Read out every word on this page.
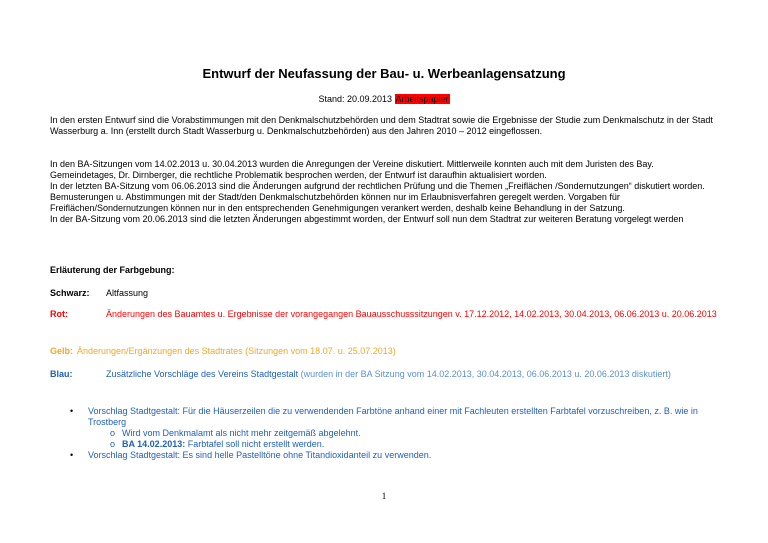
Entwurf der Neufassung der Bau- u. Werbeanlagensatzung
Stand: 20.09.2013 Arbeitspapier
In den ersten Entwurf sind die Vorabstimmungen mit den Denkmalschutzbehörden und dem Stadtrat sowie die Ergebnisse der Studie zum Denkmalschutz in der Stadt Wasserburg a. Inn (erstellt durch Stadt Wasserburg u. Denkmalschutzbehörden) aus den Jahren 2010 – 2012 eingeflossen.
In den BA-Sitzungen vom 14.02.2013 u. 30.04.2013 wurden die Anregungen der Vereine diskutiert. Mittlerweile konnten auch mit dem Juristen des Bay. Gemeindetages, Dr. Dirnberger, die rechtliche Problematik besprochen werden, der Entwurf ist daraufhin aktualisiert worden.
In der letzten BA-Sitzung vom 06.06.2013 sind die Änderungen aufgrund der rechtlichen Prüfung und die Themen „Freiflächen /Sondernutzungen“ diskutiert worden. Bemusterungen u. Abstimmungen mit der Stadt/den Denkmalschutzbehörden können nur im Erlaubnisverfahren geregelt werden. Vorgaben für Freiflächen/Sondernutzungen können nur in den entsprechenden Genehmigungen verankert werden, deshalb keine Behandlung in der Satzung.
In der BA-Sitzung vom 20.06.2013 sind die letzten Änderungen abgestimmt worden, der Entwurf soll nun dem Stadtrat zur weiteren Beratung vorgelegt werden
Erläuterung der Farbgebung:
Schwarz: Altfassung
Rot:	Änderungen des Bauamtes u. Ergebnisse der vorangegangen Bauausschusssitzungen v. 17.12.2012, 14.02.2013, 30.04.2013, 06.06.2013 u. 20.06.2013
Gelb: Änderungen/Ergänzungen des Stadtrates (Sitzungen vom 18.07. u. 25.07.2013)
Blau:	Zusätzliche Vorschläge des Vereins Stadtgestalt (wurden in der BA Sitzung vom 14.02.2013, 30.04.2013, 06.06.2013 u. 20.06.2013 diskutiert)
• Vorschlag Stadtgestalt: Für die Häuserzeilen die zu verwendenden Farbtöne anhand einer mit Fachleuten erstellten Farbtafel vorzuschreiben, z. B. wie in Trostberg
o Wird vom Denkmalamt als nicht mehr zeitgemäß abgelehnt.
o BA 14.02.2013: Farbtafel soll nicht erstellt werden.
• Vorschlag Stadtgestalt: Es sind helle Pastelltöne ohne Titandioxidanteil zu verwenden.
1
